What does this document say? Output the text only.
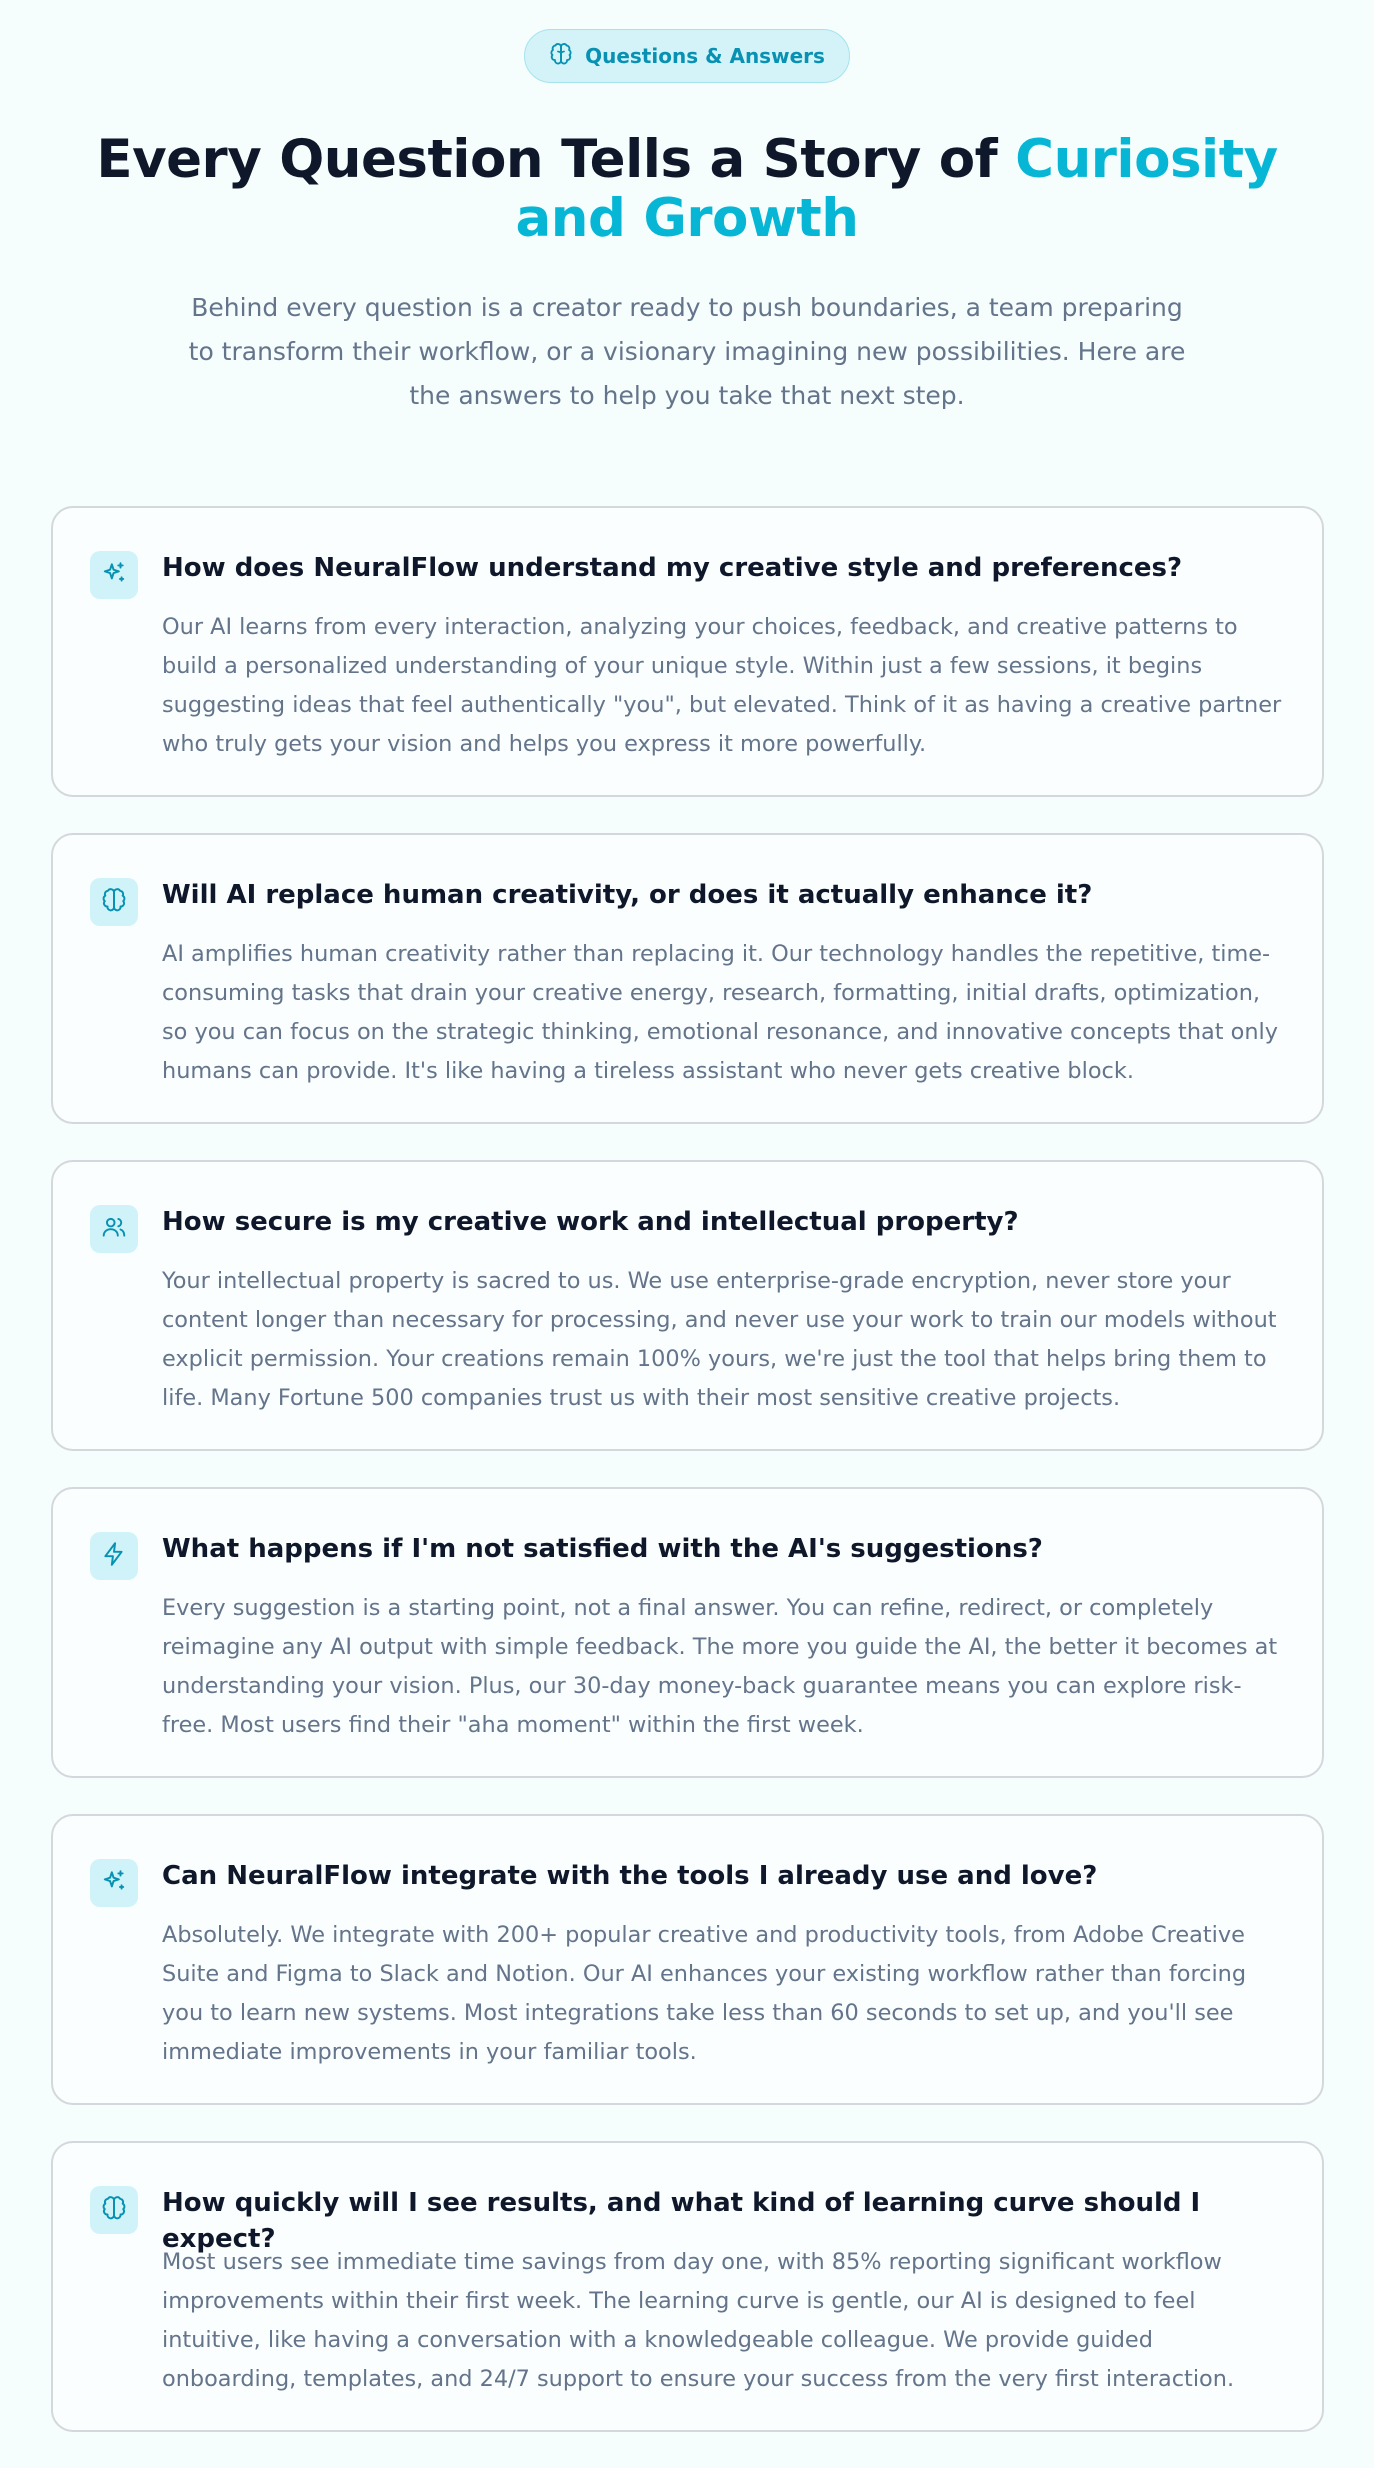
Questions & Answers
Every Question Tells a Story of Curiosity and Growth

Behind every question is a creator ready to push boundaries, a team preparing to transform their workflow, or a visionary imagining new possibilities. Here are the answers to help you take that next step.

How does NeuralFlow understand my creative style and preferences?
Our AI learns from every interaction, analyzing your choices, feedback, and creative patterns to build a personalized understanding of your unique style. Within just a few sessions, it begins suggesting ideas that feel authentically "you", but elevated. Think of it as having a creative partner who truly gets your vision and helps you express it more powerfully.
Will AI replace human creativity, or does it actually enhance it?
AI amplifies human creativity rather than replacing it. Our technology handles the repetitive, time-consuming tasks that drain your creative energy, research, formatting, initial drafts, optimization, so you can focus on the strategic thinking, emotional resonance, and innovative concepts that only humans can provide. It's like having a tireless assistant who never gets creative block.
How secure is my creative work and intellectual property?
Your intellectual property is sacred to us. We use enterprise-grade encryption, never store your content longer than necessary for processing, and never use your work to train our models without explicit permission. Your creations remain 100% yours, we're just the tool that helps bring them to life. Many Fortune 500 companies trust us with their most sensitive creative projects.
What happens if I'm not satisfied with the AI's suggestions?
Every suggestion is a starting point, not a final answer. You can refine, redirect, or completely reimagine any AI output with simple feedback. The more you guide the AI, the better it becomes at understanding your vision. Plus, our 30-day money-back guarantee means you can explore risk-free. Most users find their "aha moment" within the first week.
Can NeuralFlow integrate with the tools I already use and love?
Absolutely. We integrate with 200+ popular creative and productivity tools, from Adobe Creative Suite and Figma to Slack and Notion. Our AI enhances your existing workflow rather than forcing you to learn new systems. Most integrations take less than 60 seconds to set up, and you'll see immediate improvements in your familiar tools.
How quickly will I see results, and what kind of learning curve should I expect?
Most users see immediate time savings from day one, with 85% reporting significant workflow improvements within their first week. The learning curve is gentle, our AI is designed to feel intuitive, like having a conversation with a knowledgeable colleague. We provide guided onboarding, templates, and 24/7 support to ensure your success from the very first interaction.
